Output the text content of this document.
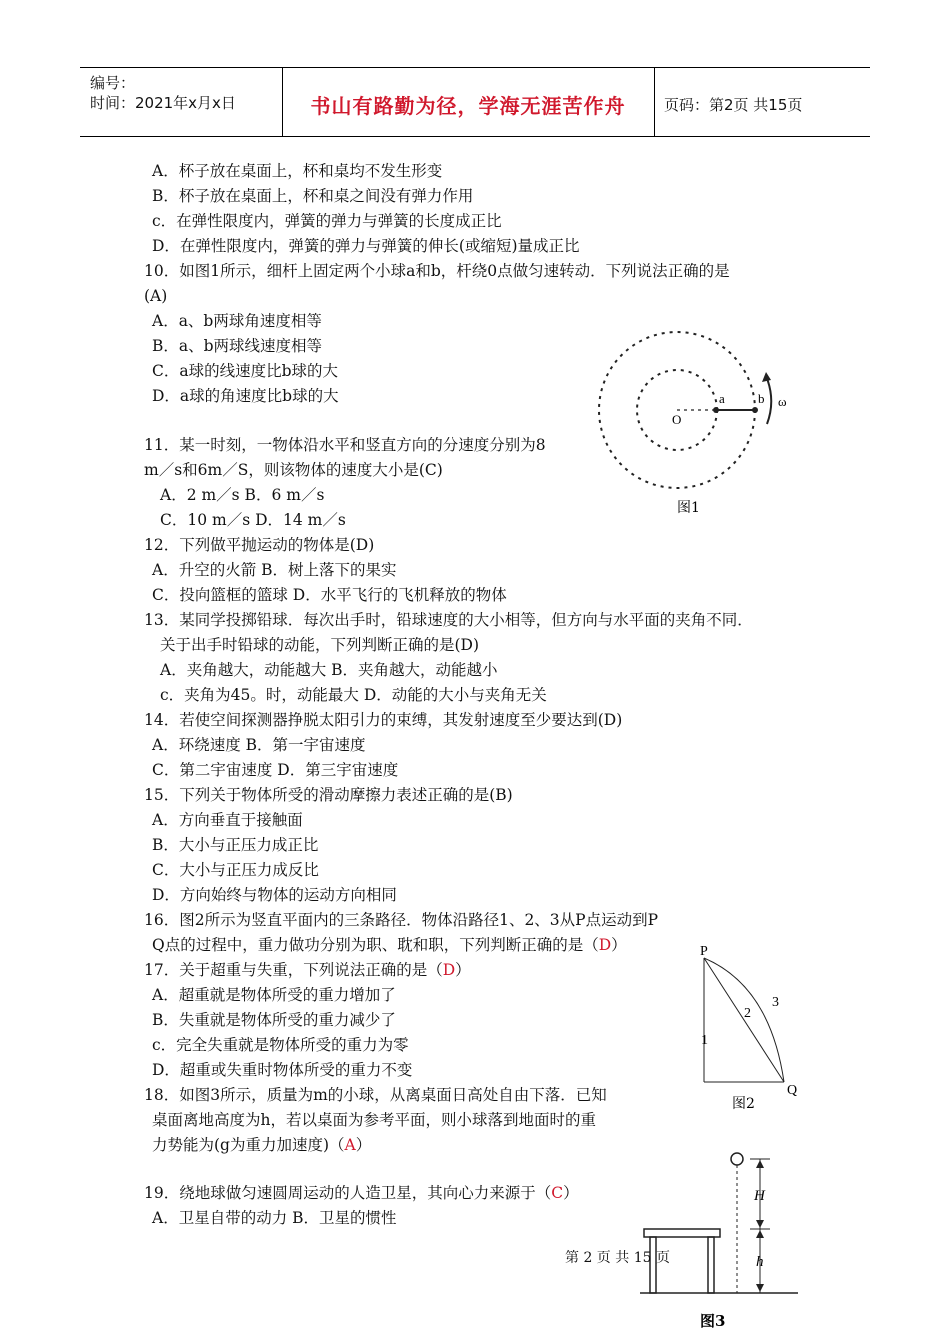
编号：
时间：2021年x月x日	书山有路勤为径，学海无涯苦作舟	页码：第2页 共15页
A．杯子放在桌面上，杯和桌均不发生形变
B．杯子放在桌面上，杯和桌之间没有弹力作用
c．在弹性限度内，弹簧的弹力与弹簧的长度成正比
D．在弹性限度内，弹簧的弹力与弹簧的伸长(或缩短)量成正比
10．如图1所示，细杆上固定两个小球a和b，杆绕0点做匀速转动．下列说法正确的是
(A)
A．a、b两球角速度相等
B．a、b两球线速度相等
C．a球的线速度比b球的大
D．a球的角速度比b球的大
11．某一时刻，一物体沿水平和竖直方向的分速度分别为8
m／s和6m／S，则该物体的速度大小是(C)
A．2 m／s B．6 m／s
C．10 m／s D．14 m／s
12．下列做平抛运动的物体是(D)
A．升空的火箭 B．树上落下的果实
C．投向篮框的篮球 D．水平飞行的飞机释放的物体
13．某同学投掷铅球．每次出手时，铅球速度的大小相等，但方向与水平面的夹角不同．
关于出手时铅球的动能，下列判断正确的是(D)
A．夹角越大，动能越大 B．夹角越大，动能越小
c．夹角为45。时，动能最大 D．动能的大小与夹角无关
14．若使空间探测器挣脱太阳引力的束缚，其发射速度至少要达到(D)
A．环绕速度 B．第一宇宙速度
C．第二宇宙速度 D．第三宇宙速度
15．下列关于物体所受的滑动摩擦力表述正确的是(B)
A．方向垂直于接触面
B．大小与正压力成正比
C．大小与正压力成反比
D．方向始终与物体的运动方向相同
16．图2所示为竖直平面内的三条路径．物体沿路径1、2、3从P点运动到P
Q点的过程中，重力做功分别为职、耽和职，下列判断正确的是（D）
17．关于超重与失重，下列说法正确的是（D）
A．超重就是物体所受的重力增加了
B．失重就是物体所受的重力减少了
c．完全失重就是物体所受的重力为零
D．超重或失重时物体所受的重力不变
18．如图3所示，质量为m的小球，从离桌面日高处自由下落．已知
桌面离地高度为h，若以桌面为参考平面，则小球落到地面时的重
力势能为(g为重力加速度)（A）
19．绕地球做匀速圆周运动的人造卫星，其向心力来源于（C）
A．卫星自带的动力 B．卫星的惯性
O
a	b ω
图1
P
Q
1
2
3
图2
H
h
图3
第 2 页 共 15 页
